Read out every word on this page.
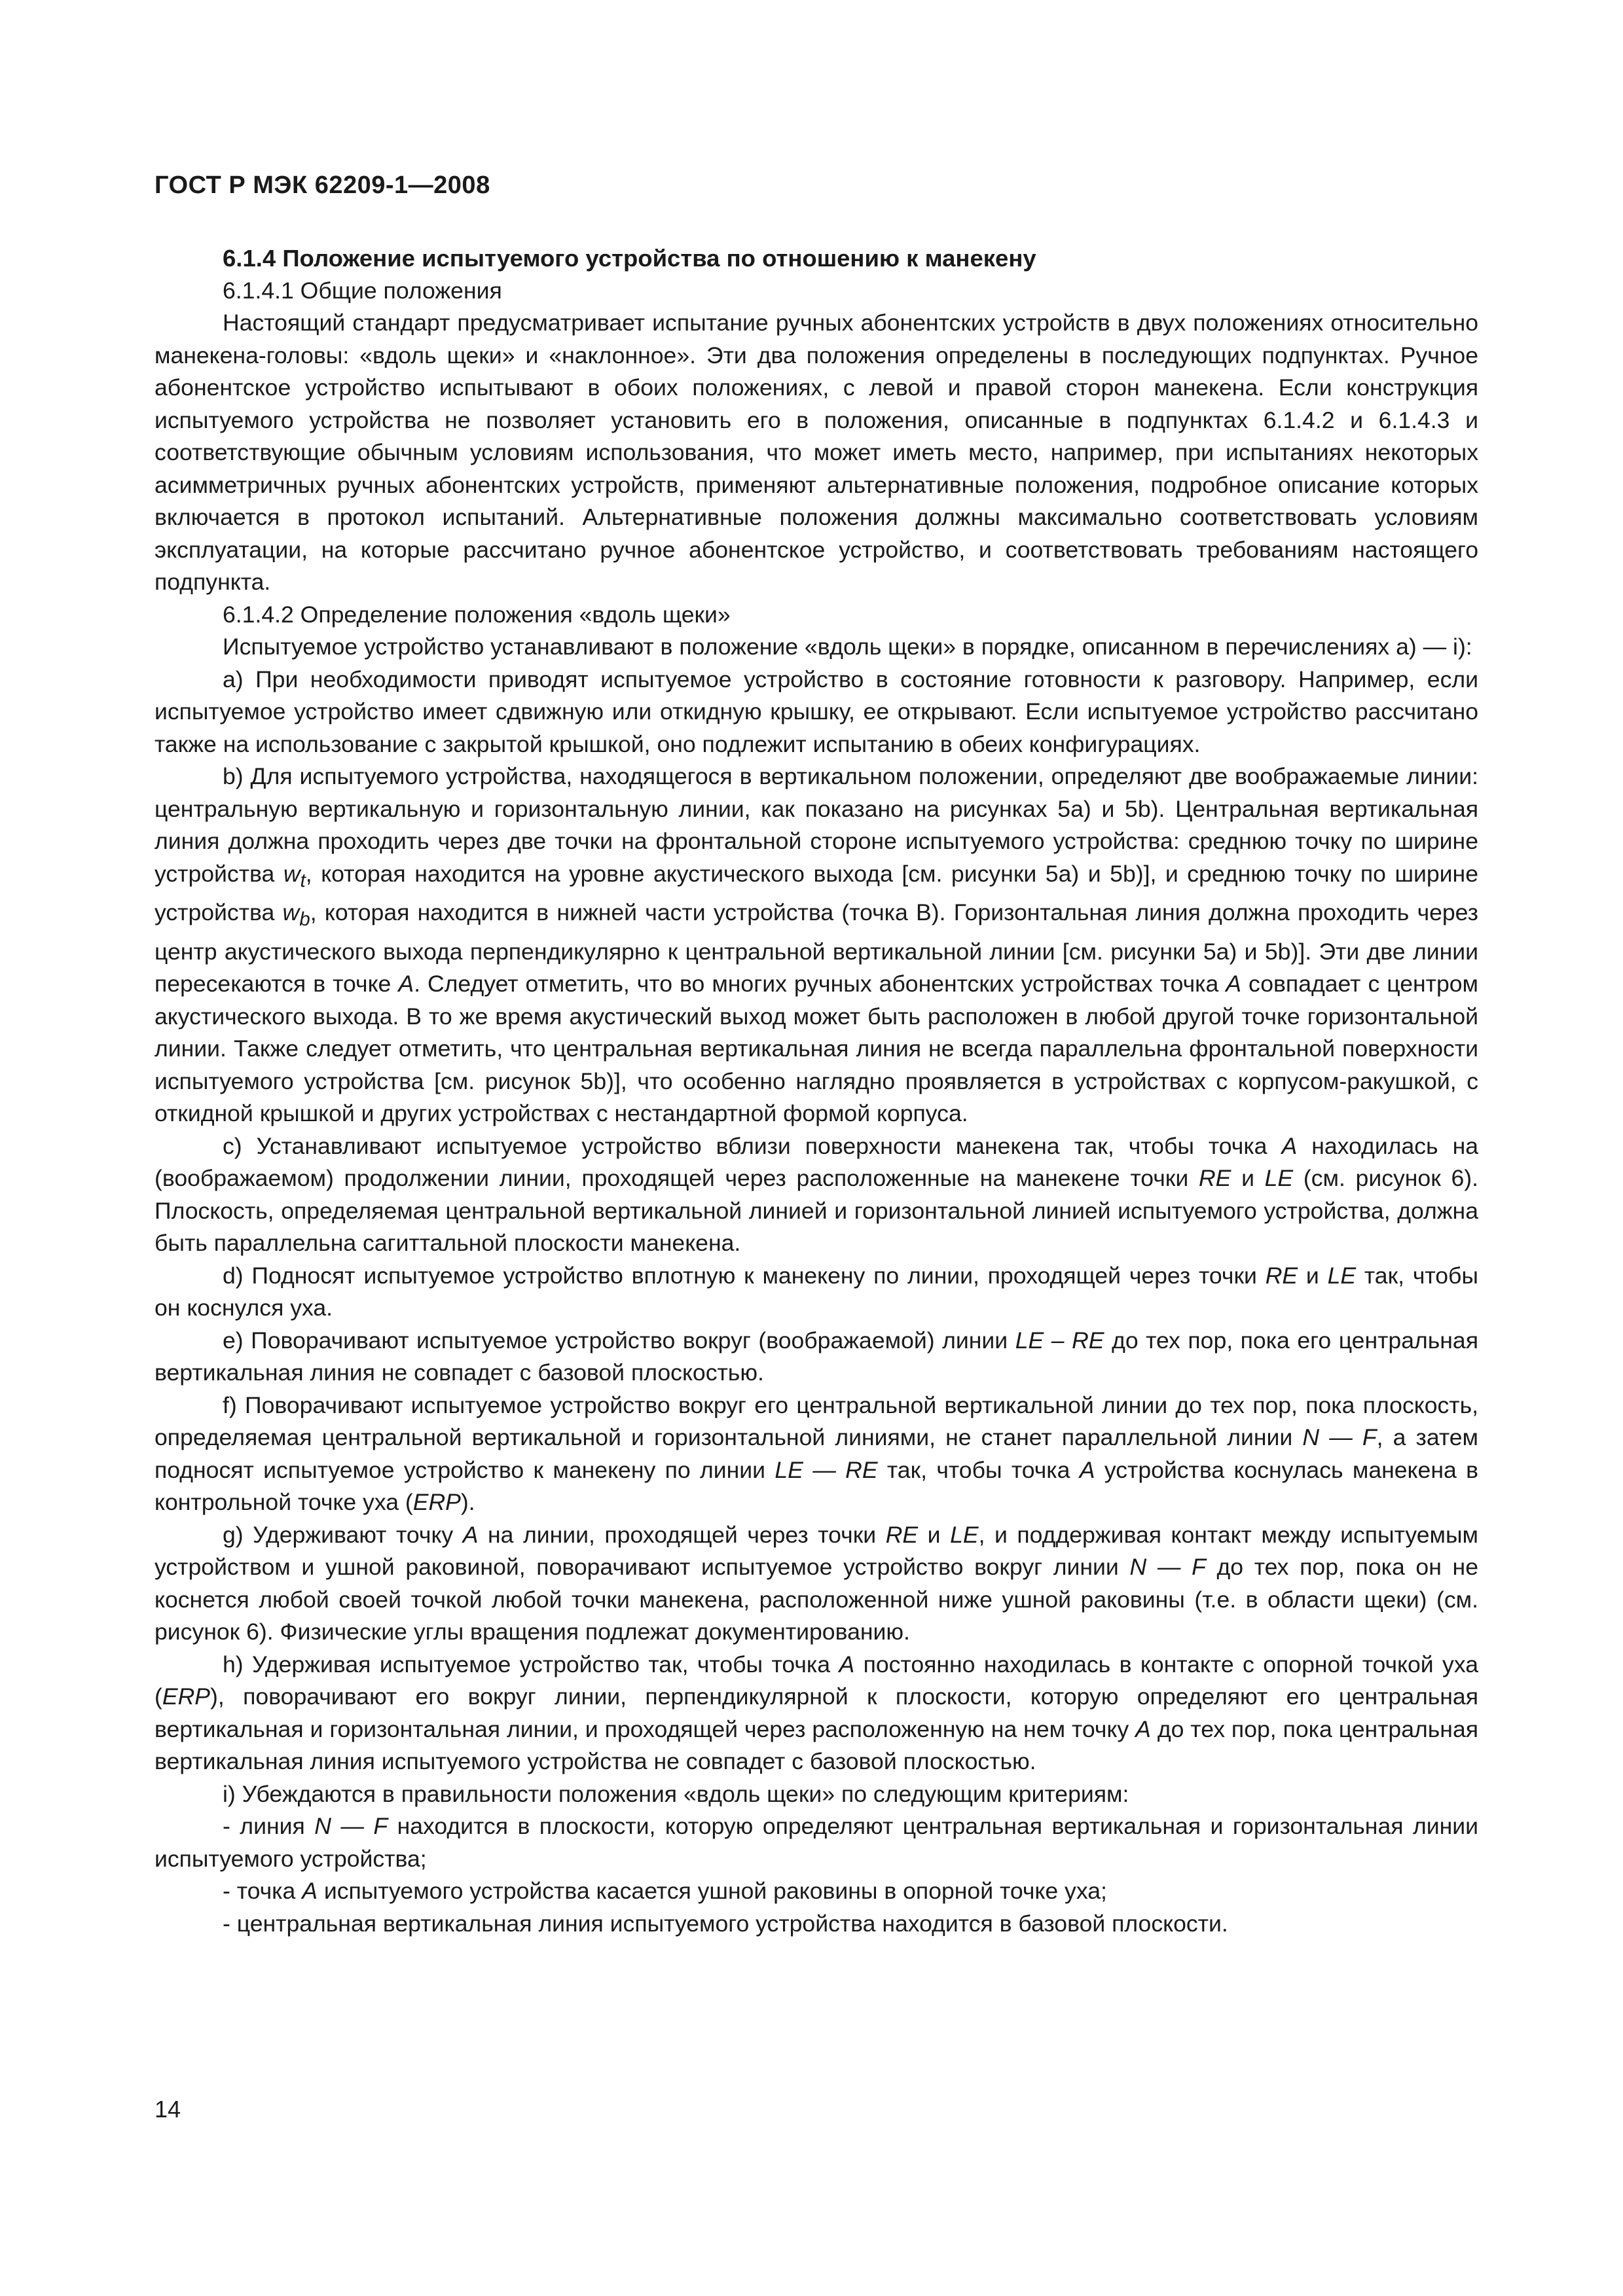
ГОСТ Р МЭК 62209-1—2008

6.1.4 Положение испытуемого устройства по отношению к манекену

6.1.4.1 Общие положения

Настоящий стандарт предусматривает испытание ручных абонентских устройств в двух положениях относительно манекена-головы: «вдоль щеки» и «наклонное». Эти два положения определены в последующих подпунктах. Ручное абонентское устройство испытывают в обоих положениях, с левой и правой сторон манекена. Если конструкция испытуемого устройства не позволяет установить его в положения, описанные в подпунктах 6.1.4.2 и 6.1.4.3 и соответствующие обычным условиям использования, что может иметь место, например, при испытаниях некоторых асимметричных ручных абонентских устройств, применяют альтернативные положения, подробное описание которых включается в протокол испытаний. Альтернативные положения должны максимально соответствовать условиям эксплуатации, на которые рассчитано ручное абонентское устройство, и соответствовать требованиям настоящего подпункта.

6.1.4.2 Определение положения «вдоль щеки»

Испытуемое устройство устанавливают в положение «вдоль щеки» в порядке, описанном в перечислениях a) — i):

a) При необходимости приводят испытуемое устройство в состояние готовности к разговору. Например, если испытуемое устройство имеет сдвижную или откидную крышку, ее открывают. Если испытуемое устройство рассчитано также на использование с закрытой крышкой, оно подлежит испытанию в обеих конфигурациях.

b) Для испытуемого устройства, находящегося в вертикальном положении, определяют две воображаемые линии: центральную вертикальную и горизонтальную линии, как показано на рисунках 5a) и 5b). Центральная вертикальная линия должна проходить через две точки на фронтальной стороне испытуемого устройства: среднюю точку по ширине устройства $w_t$, которая находится на уровне акустического выхода [см. рисунки 5a) и 5b)], и среднюю точку по ширине устройства $w_b$, которая находится в нижней части устройства (точка B). Горизонтальная линия должна проходить через центр акустического выхода перпендикулярно к центральной вертикальной линии [см. рисунки 5a) и 5b)]. Эти две линии пересекаются в точке A. Следует отметить, что во многих ручных абонентских устройствах точка A совпадает с центром акустического выхода. В то же время акустический выход может быть расположен в любой другой точке горизонтальной линии. Также следует отметить, что центральная вертикальная линия не всегда параллельна фронтальной поверхности испытуемого устройства [см. рисунок 5b)], что особенно наглядно проявляется в устройствах с корпусом-ракушкой, с откидной крышкой и других устройствах с нестандартной формой корпуса.

c) Устанавливают испытуемое устройство вблизи поверхности манекена так, чтобы точка A находилась на (воображаемом) продолжении линии, проходящей через расположенные на манекене точки RE и LE (см. рисунок 6). Плоскость, определяемая центральной вертикальной линией и горизонтальной линией испытуемого устройства, должна быть параллельна сагиттальной плоскости манекена.

d) Подносят испытуемое устройство вплотную к манекену по линии, проходящей через точки RE и LE так, чтобы он коснулся уха.

e) Поворачивают испытуемое устройство вокруг (воображаемой) линии LE – RE до тех пор, пока его центральная вертикальная линия не совпадет с базовой плоскостью.

f) Поворачивают испытуемое устройство вокруг его центральной вертикальной линии до тех пор, пока плоскость, определяемая центральной вертикальной и горизонтальной линиями, не станет параллельной линии N — F, а затем подносят испытуемое устройство к манекену по линии LE — RE так, чтобы точка A устройства коснулась манекена в контрольной точке уха (ERP).

g) Удерживают точку A на линии, проходящей через точки RE и LE, и поддерживая контакт между испытуемым устройством и ушной раковиной, поворачивают испытуемое устройство вокруг линии N — F до тех пор, пока он не коснется любой своей точкой любой точки манекена, расположенной ниже ушной раковины (т.е. в области щеки) (см. рисунок 6). Физические углы вращения подлежат документированию.

h) Удерживая испытуемое устройство так, чтобы точка A постоянно находилась в контакте с опорной точкой уха (ERP), поворачивают его вокруг линии, перпендикулярной к плоскости, которую определяют его центральная вертикальная и горизонтальная линии, и проходящей через расположенную на нем точку A до тех пор, пока центральная вертикальная линия испытуемого устройства не совпадет с базовой плоскостью.

i) Убеждаются в правильности положения «вдоль щеки» по следующим критериям:

- линия N — F находится в плоскости, которую определяют центральная вертикальная и горизонтальная линии испытуемого устройства;

- точка A испытуемого устройства касается ушной раковины в опорной точке уха;

- центральная вертикальная линия испытуемого устройства находится в базовой плоскости.

14
